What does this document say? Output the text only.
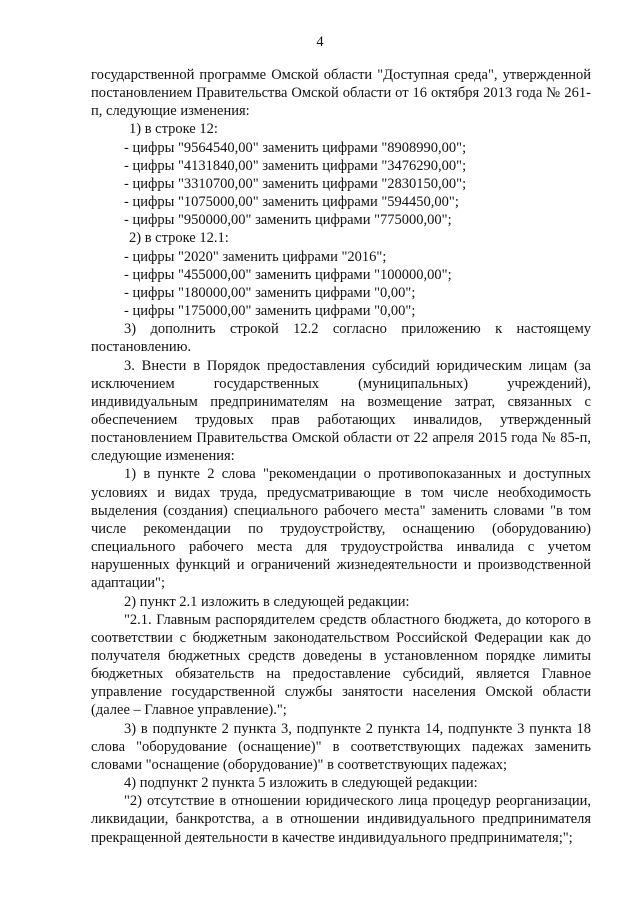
4

государственной программе Омской области "Доступная среда", утвержденной постановлением Правительства Омской области от 16 октября 2013 года № 261-п, следующие изменения:

1) в строке 12:

- цифры "9564540,00" заменить цифрами "8908990,00";

- цифры "4131840,00" заменить цифрами "3476290,00";

- цифры "3310700,00" заменить цифрами "2830150,00";

- цифры "1075000,00" заменить цифрами "594450,00";

- цифры "950000,00" заменить цифрами "775000,00";

2) в строке 12.1:

- цифры "2020" заменить цифрами "2016";

- цифры "455000,00" заменить цифрами "100000,00";

- цифры "180000,00" заменить цифрами "0,00";

- цифры "175000,00" заменить цифрами "0,00";

3) дополнить строкой 12.2 согласно приложению к настоящему постановлению.

3. Внести в Порядок предоставления субсидий юридическим лицам (за исключением государственных (муниципальных) учреждений), индивидуальным предпринимателям на возмещение затрат, связанных с обеспечением трудовых прав работающих инвалидов, утвержденный постановлением Правительства Омской области от 22 апреля 2015 года № 85-п, следующие изменения:

1) в пункте 2 слова "рекомендации о противопоказанных и доступных условиях и видах труда, предусматривающие в том числе необходимость выделения (создания) специального рабочего места" заменить словами "в том числе рекомендации по трудоустройству, оснащению (оборудованию) специального рабочего места для трудоустройства инвалида с учетом нарушенных функций и ограничений жизнедеятельности и производственной адаптации";

2) пункт 2.1 изложить в следующей редакции:

"2.1. Главным распорядителем средств областного бюджета, до которого в соответствии с бюджетным законодательством Российской Федерации как до получателя бюджетных средств доведены в установленном порядке лимиты бюджетных обязательств на предоставление субсидий, является Главное управление государственной службы занятости населения Омской области (далее – Главное управление).";

3) в подпункте 2 пункта 3, подпункте 2 пункта 14, подпункте 3 пункта 18 слова "оборудование (оснащение)" в соответствующих падежах заменить словами "оснащение (оборудование)" в соответствующих падежах;

4) подпункт 2 пункта 5 изложить в следующей редакции:

"2) отсутствие в отношении юридического лица процедур реорганизации, ликвидации, банкротства, а в отношении индивидуального предпринимателя прекращенной деятельности в качестве индивидуального предпринимателя;";
